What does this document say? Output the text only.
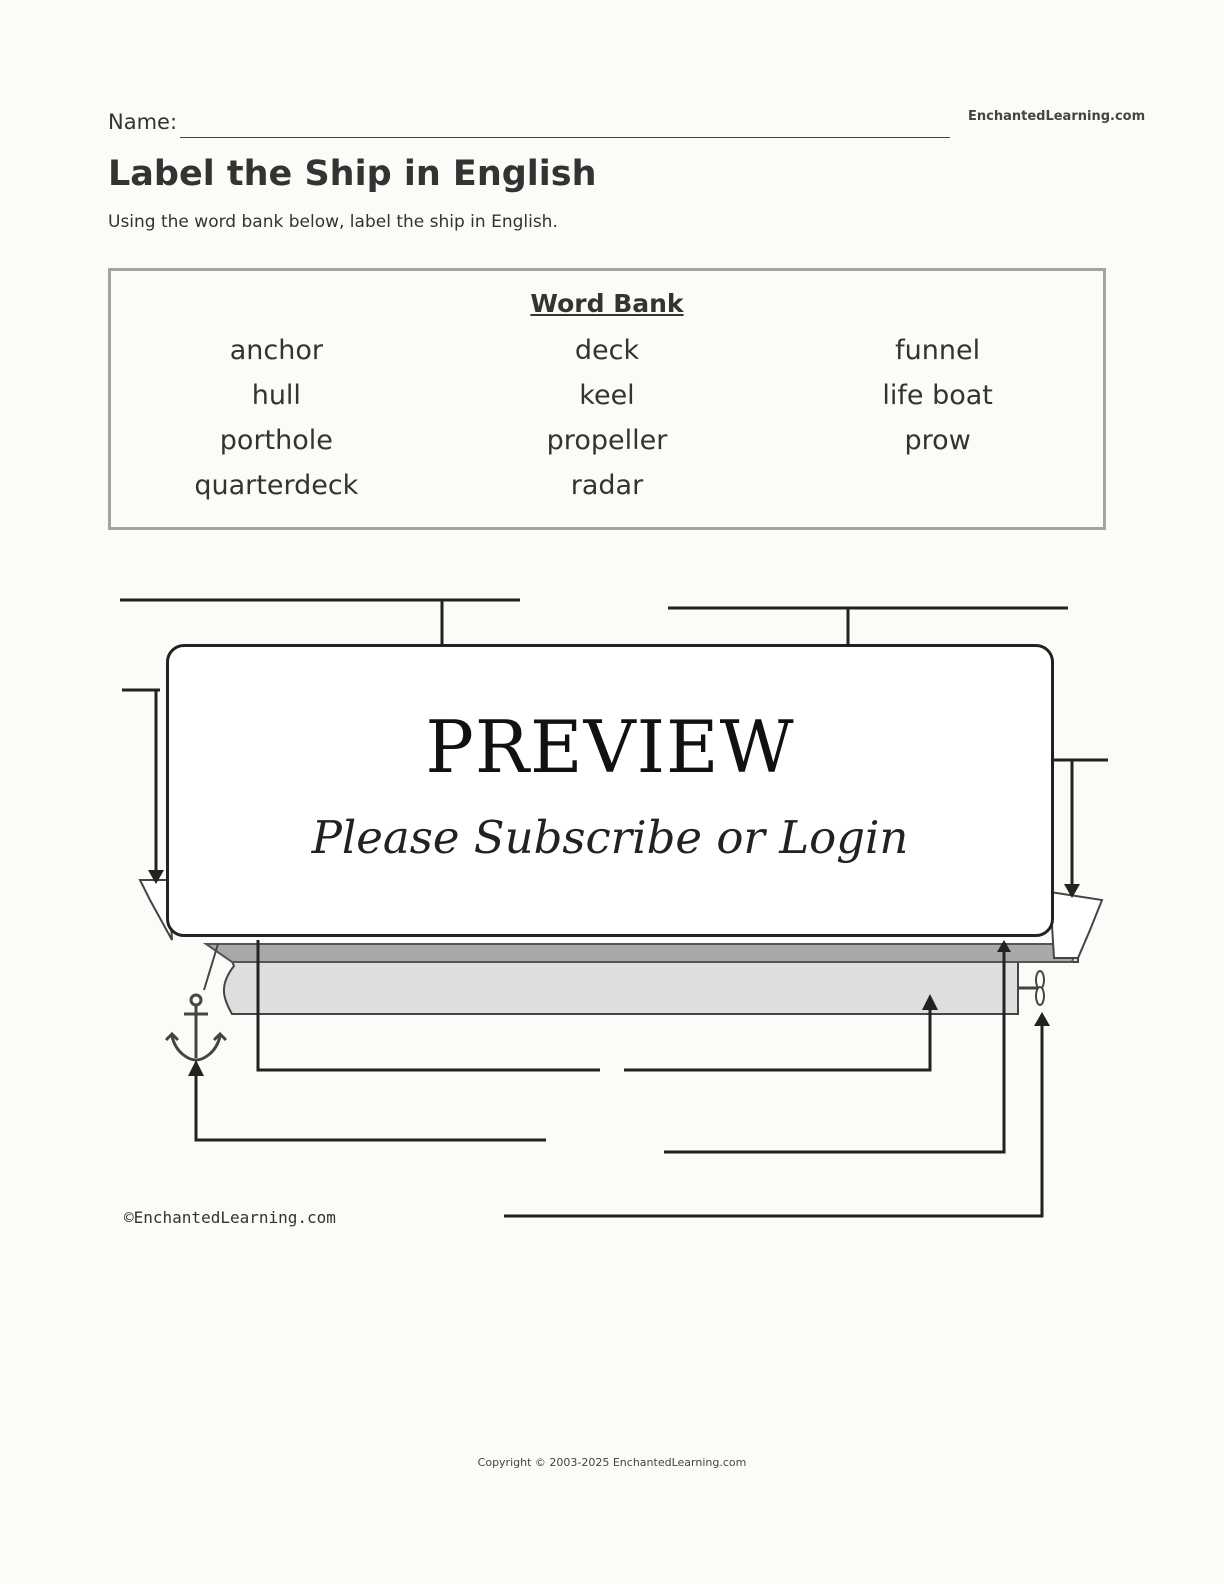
Name:	EnchantedLearning.com
Label the Ship in English
Using the word bank below, label the ship in English.
Word Bank
anchor	deck	funnel
hull	keel	life boat
porthole	propeller	prow
quarterdeck	radar
PREVIEW
Please Subscribe or Login
©EnchantedLearning.com
Copyright © 2003-2025 EnchantedLearning.com
